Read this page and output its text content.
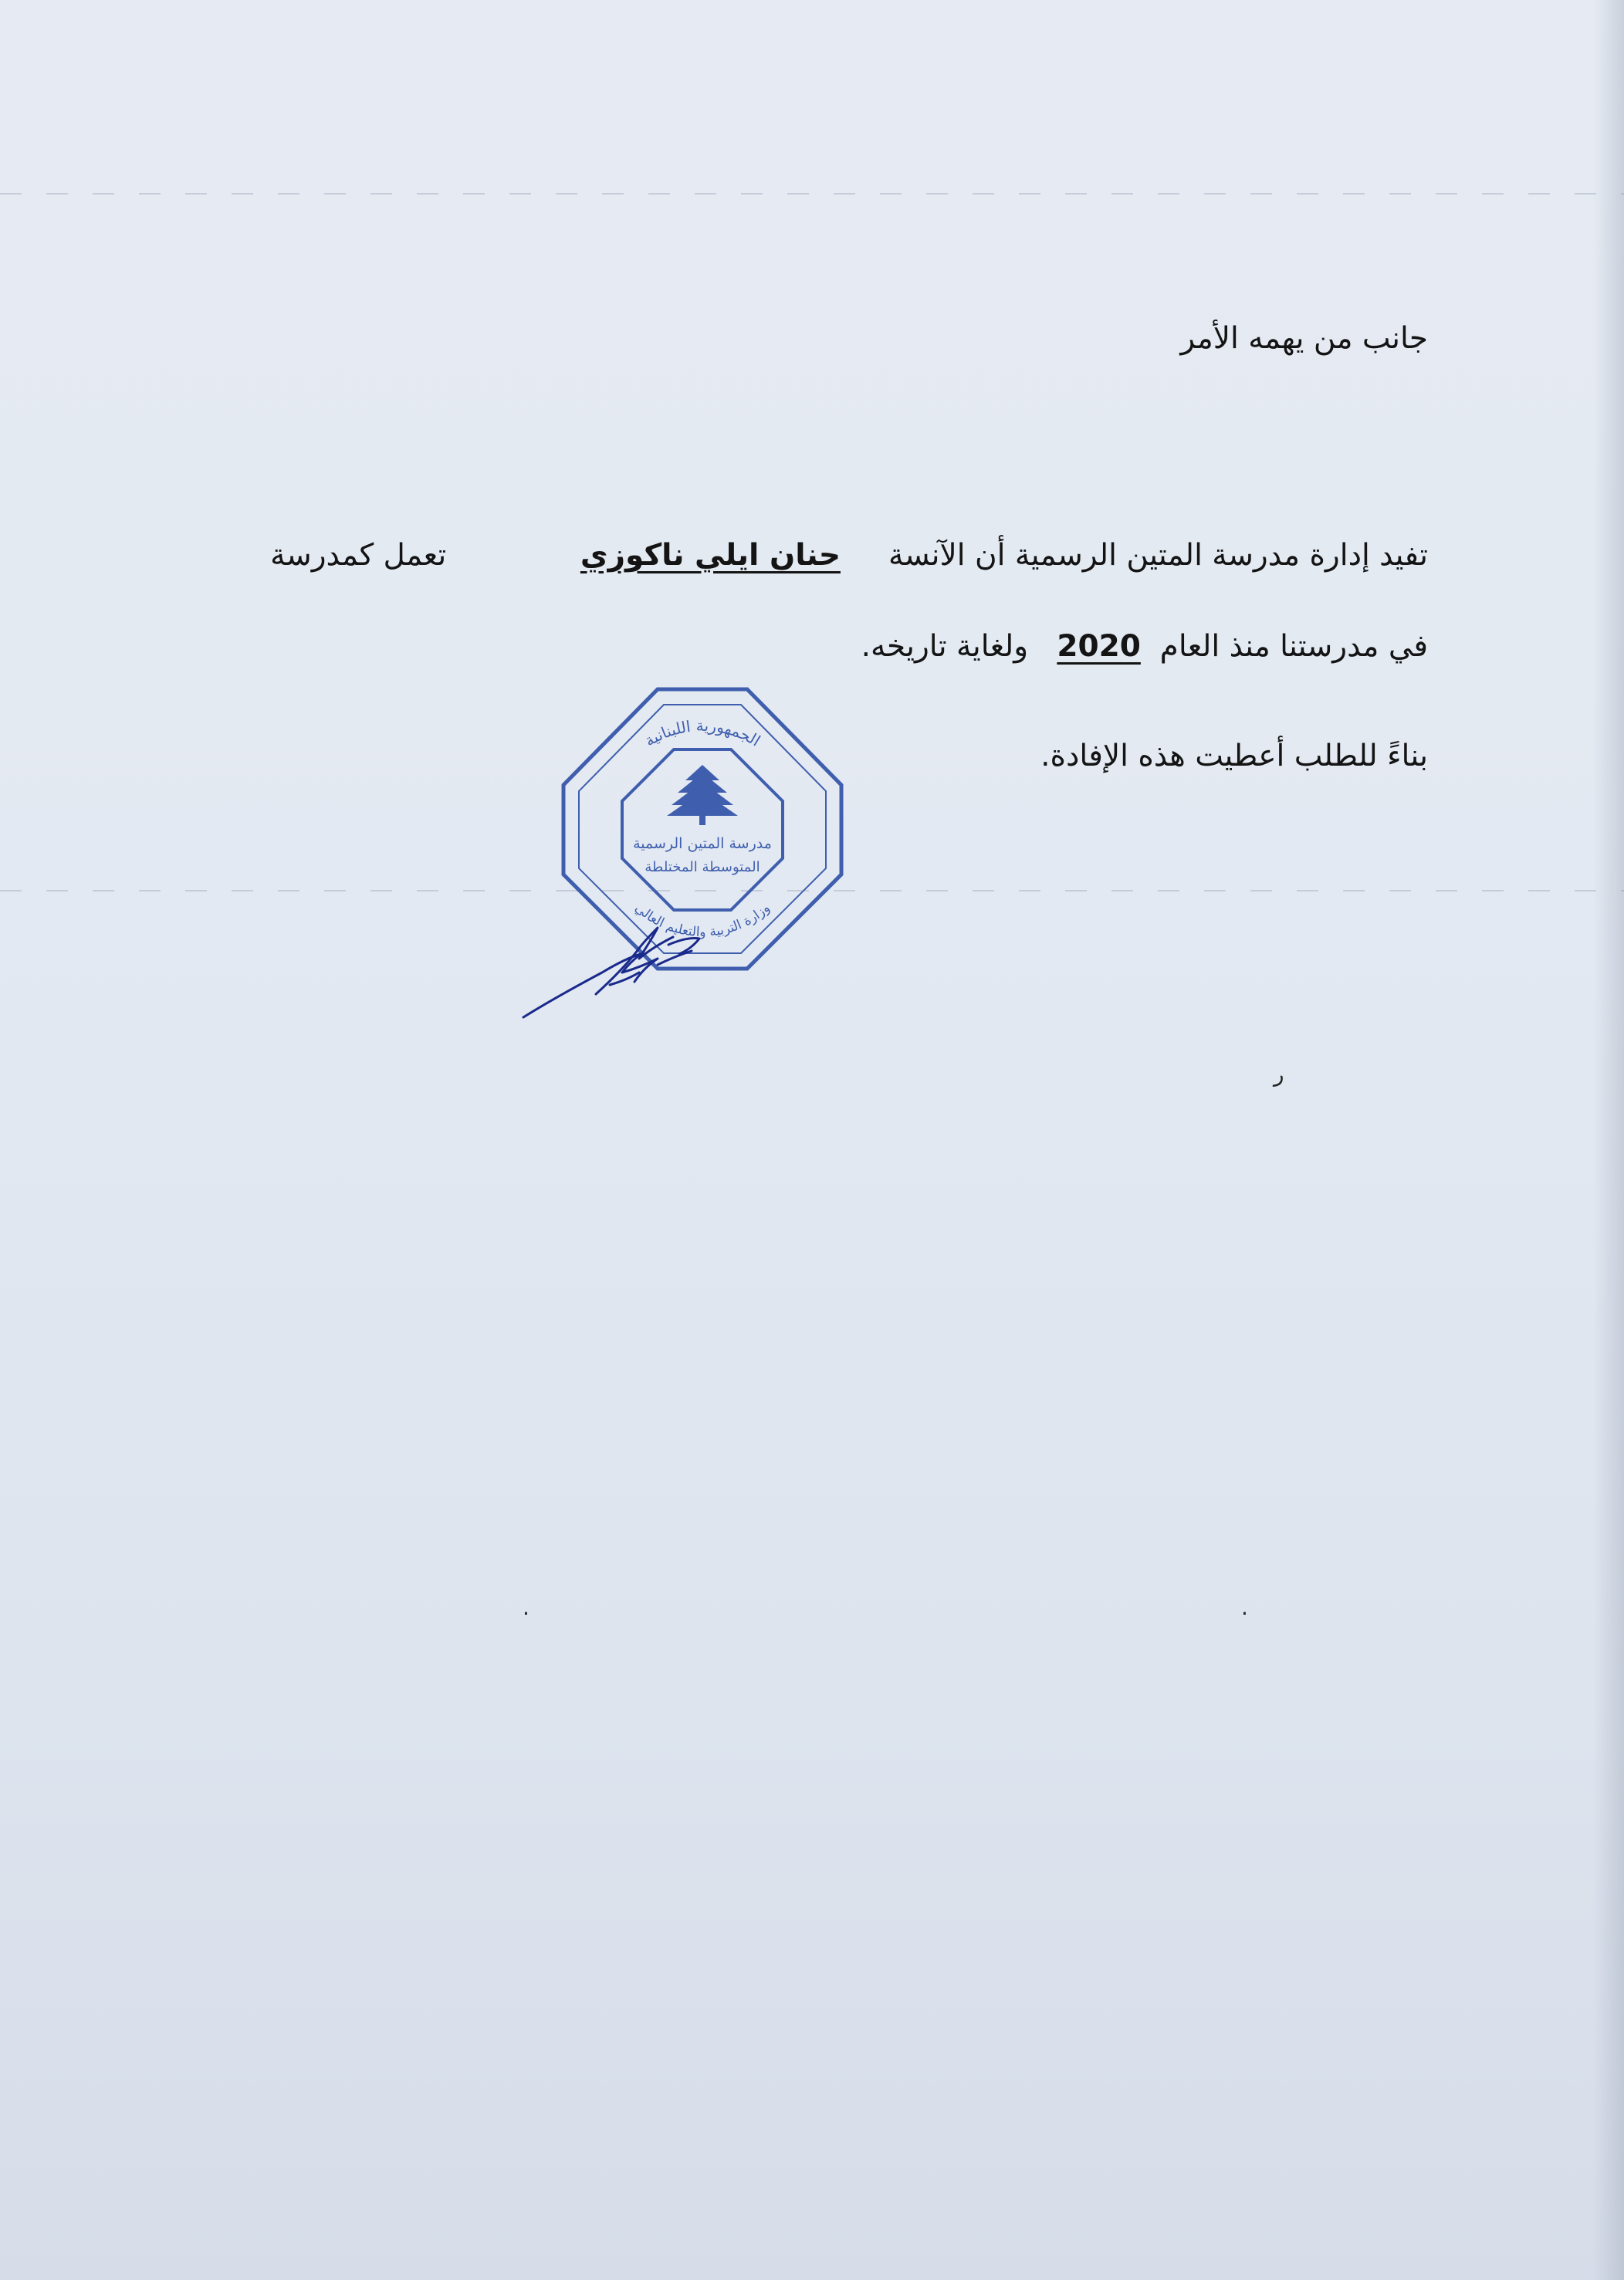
جانب من يهمه الأمر
تفيد إدارة مدرسة المتين الرسمية أن الآنسة     حنان ايلي ناكوزي              تعمل كمدرسة
في مدرستنا منذ العام  2020   ولغاية تاريخه.
بناءً للطلب أعطيت هذه الإفادة.
الجمهورية اللبنانية
وزارة التربية والتعليم العالي
مدرسة المتين الرسمية
المتوسطة المختلطة
ر
.	.
